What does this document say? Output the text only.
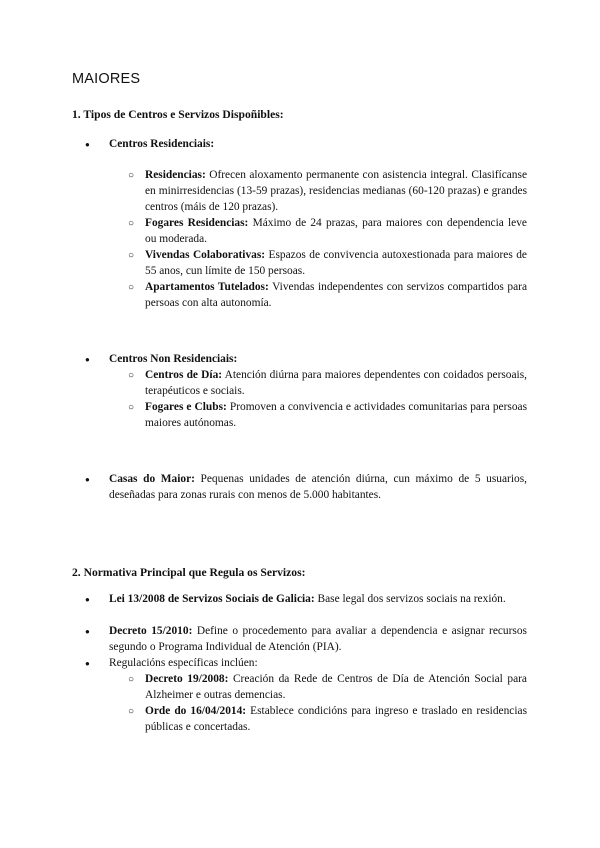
MAIORES
1. Tipos de Centros e Servizos Dispoñibles:
● Centros Residenciais:
○ Residencias: Ofrecen aloxamento permanente con asistencia integral. Clasifícanse en minirresidencias (13-59 prazas), residencias medianas (60-120 prazas) e grandes centros (máis de 120 prazas).
○ Fogares Residencias: Máximo de 24 prazas, para maiores con dependencia leve ou moderada.
○ Vivendas Colaborativas: Espazos de convivencia autoxestionada para maiores de 55 anos, cun límite de 150 persoas.
○ Apartamentos Tutelados: Vivendas independentes con servizos compartidos para persoas con alta autonomía.
● Centros Non Residenciais:
○ Centros de Día: Atención diúrna para maiores dependentes con coidados persoais, terapéuticos e sociais.
○ Fogares e Clubs: Promoven a convivencia e actividades comunitarias para persoas maiores autónomas.
● Casas do Maior: Pequenas unidades de atención diúrna, cun máximo de 5 usuarios, deseñadas para zonas rurais con menos de 5.000 habitantes.
2. Normativa Principal que Regula os Servizos:
● Lei 13/2008 de Servizos Sociais de Galicia: Base legal dos servizos sociais na rexión.
● Decreto 15/2010: Define o procedemento para avaliar a dependencia e asignar recursos segundo o Programa Individual de Atención (PIA).
● Regulacións específicas inclúen:
○ Decreto 19/2008: Creación da Rede de Centros de Día de Atención Social para Alzheimer e outras demencias.
○ Orde do 16/04/2014: Establece condicións para ingreso e traslado en residencias públicas e concertadas.
